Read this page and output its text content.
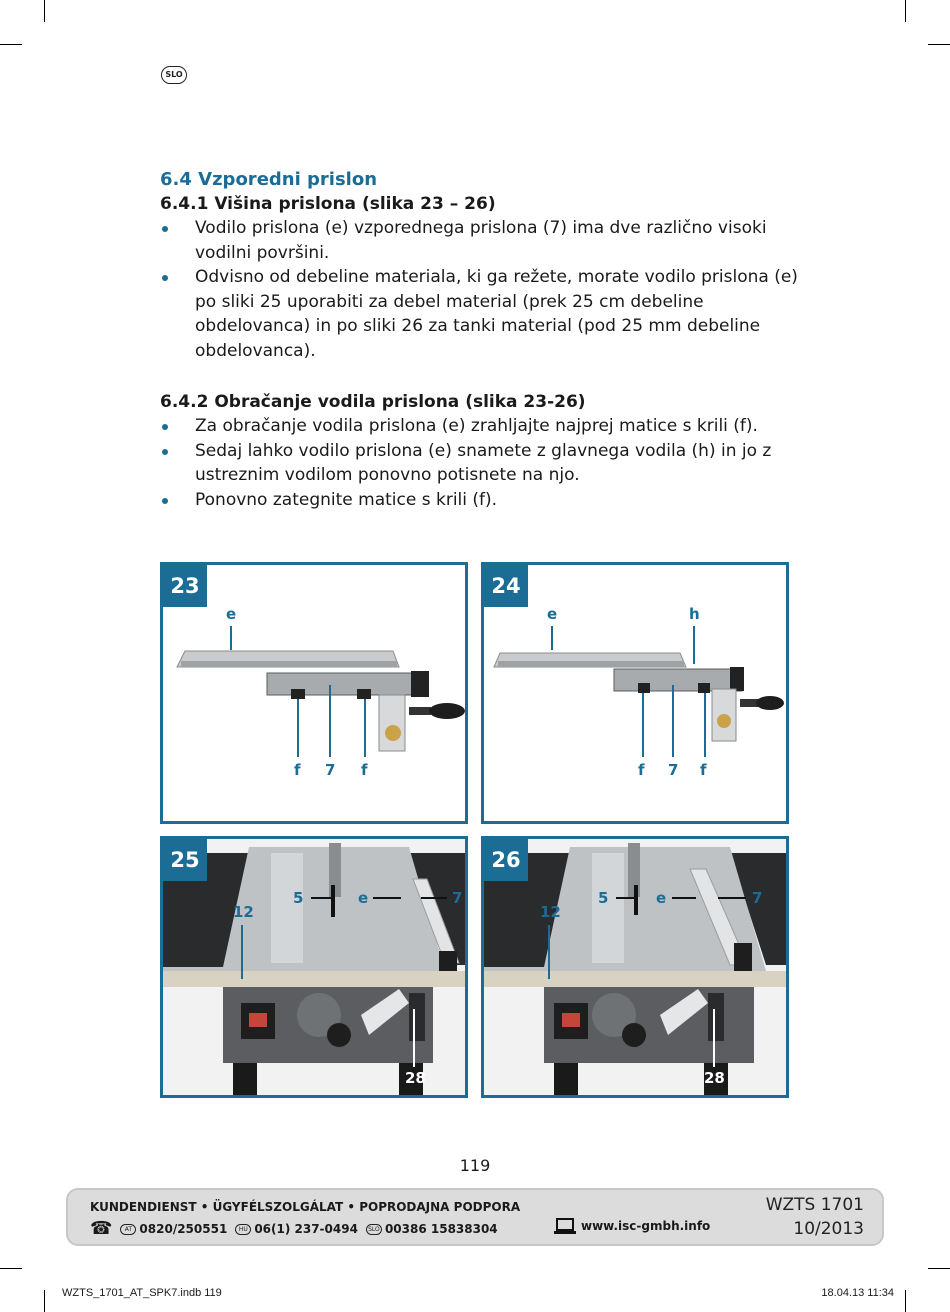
SLO
6.4 Vzporedni prislon
6.4.1 Višina prislona (slika 23 – 26)
Vodilo prislona (e) vzporednega prislona (7) ima dve različno visoki vodilni površini.
Odvisno od debeline materiala, ki ga režete, morate vodilo prislona (e) po sliki 25 uporabiti za debel material (prek 25 cm debeline obdelovanca) in po sliki 26 za tanki material (pod 25 mm debeline obdelovanca).
6.4.2 Obračanje vodila prislona (slika 23-26)
Za obračanje vodila prislona (e) zrahljajte najprej matice s krili (f).
Sedaj lahko vodilo prislona (e) snamete z glavnega vodila (h) in jo z ustreznim vodilom ponovno potisnete na njo.
Ponovno zategnite matice s krili (f).
23
e
f 7 f
24
e	h
f 7 f
25
12
5	e	7
28
26
12
5	e	7
28
119
KUNDENDIENST • ÜGYFÉLSZOLGÁLAT • POPRODAJNA PODPORA
☎	AT 0820/250551	HU 06(1) 237-0494	SLO 00386 15838304	www.isc-gmbh.info
WZTS 1701
10/2013
WZTS_1701_AT_SPK7.indb 119	18.04.13 11:34
